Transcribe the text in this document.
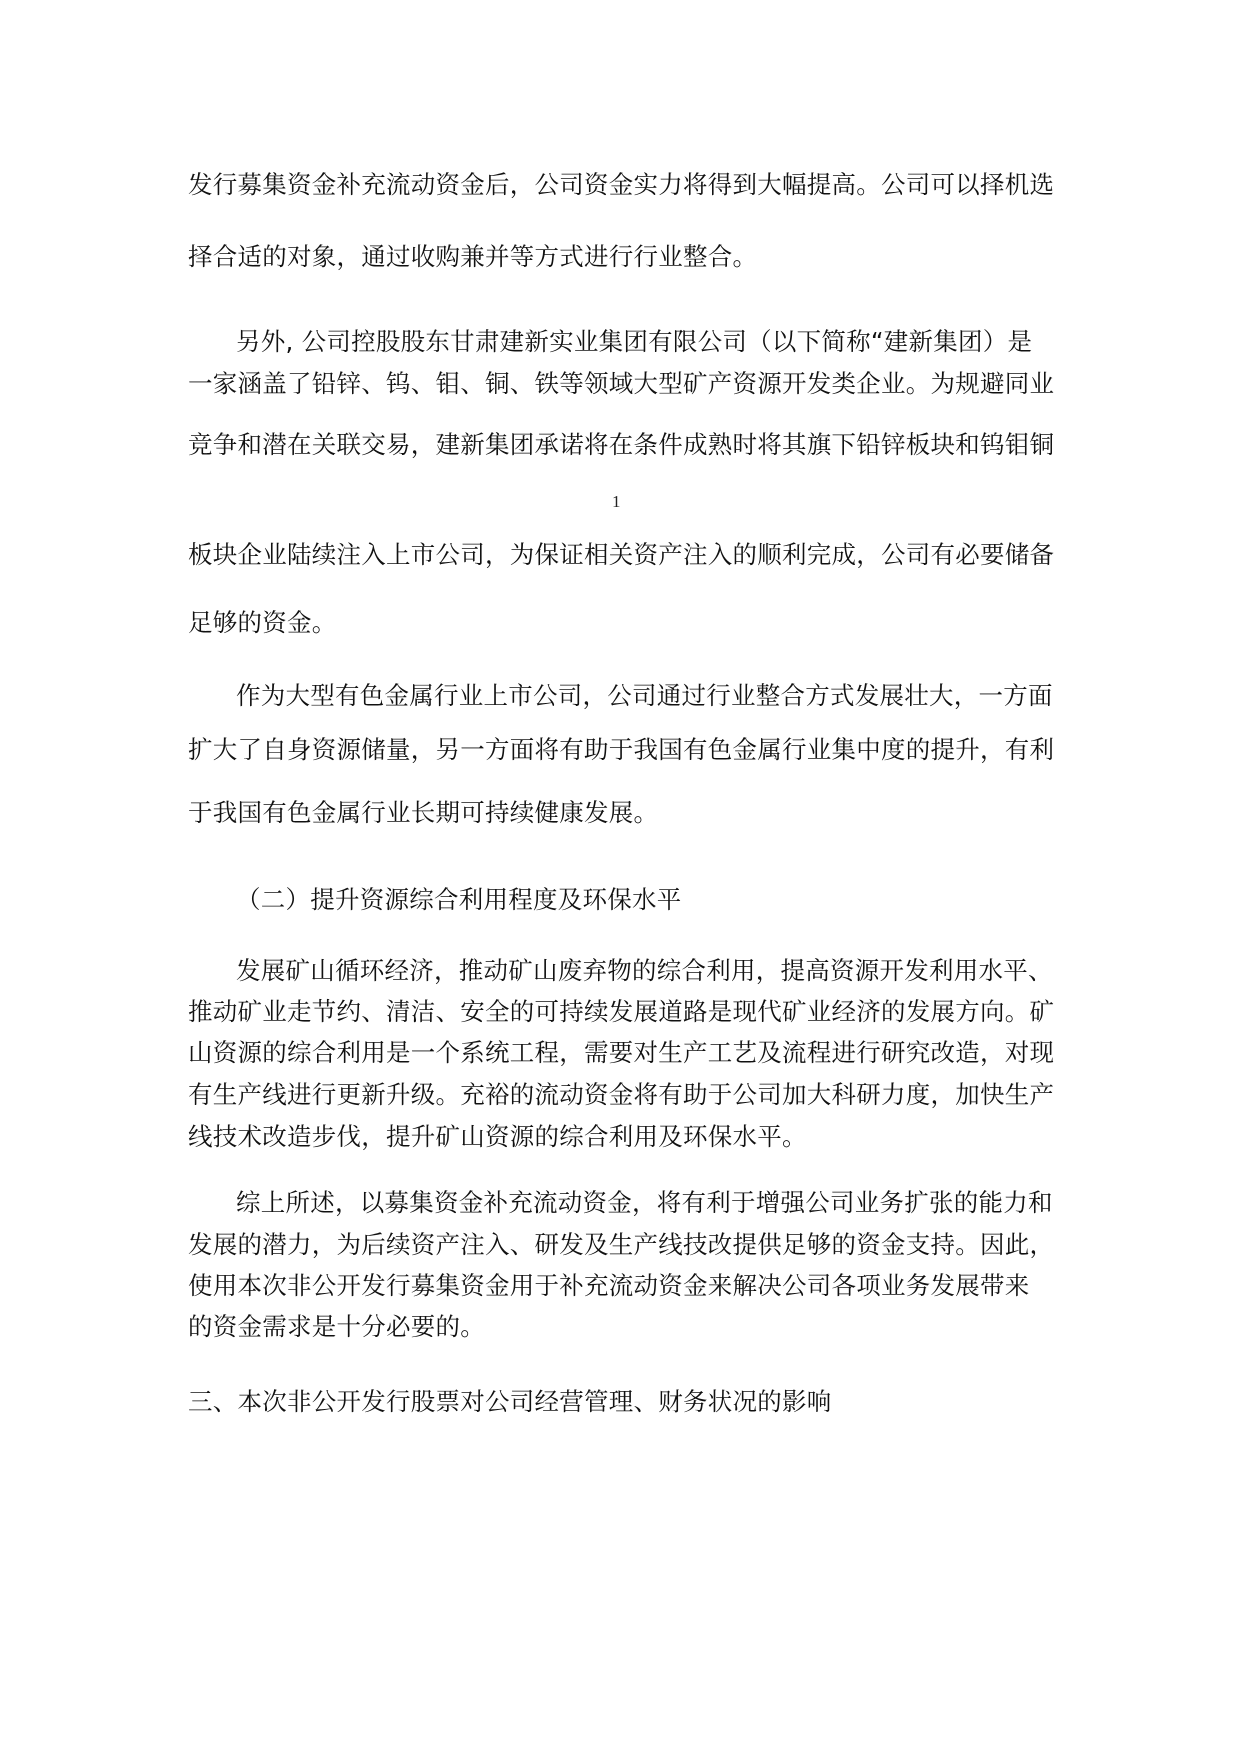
发行募集资金补充流动资金后，公司资金实力将得到大幅提高。公司可以择机选
择合适的对象，通过收购兼并等方式进行行业整合。
另外, 公司控股股东甘肃建新实业集团有限公司（以下简称“建新集团）是
一家涵盖了铅锌、钨、钼、铜、铁等领域大型矿产资源开发类企业。为规避同业
竞争和潜在关联交易，建新集团承诺将在条件成熟时将其旗下铅锌板块和钨钼铜
1
板块企业陆续注入上市公司，为保证相关资产注入的顺利完成，公司有必要储备
足够的资金。
作为大型有色金属行业上市公司，公司通过行业整合方式发展壮大，一方面
扩大了自身资源储量，另一方面将有助于我国有色金属行业集中度的提升，有利
于我国有色金属行业长期可持续健康发展。
（二）提升资源综合利用程度及环保水平
发展矿山循环经济，推动矿山废弃物的综合利用，提高资源开发利用水平、
推动矿业走节约、清洁、安全的可持续发展道路是现代矿业经济的发展方向。矿
山资源的综合利用是一个系统工程，需要对生产工艺及流程进行研究改造，对现
有生产线进行更新升级。充裕的流动资金将有助于公司加大科研力度，加快生产
线技术改造步伐，提升矿山资源的综合利用及环保水平。
综上所述，以募集资金补充流动资金，将有利于增强公司业务扩张的能力和
发展的潜力，为后续资产注入、研发及生产线技改提供足够的资金支持。因此，
使用本次非公开发行募集资金用于补充流动资金来解决公司各项业务发展带来
的资金需求是十分必要的。
三、本次非公开发行股票对公司经营管理、财务状况的影响
